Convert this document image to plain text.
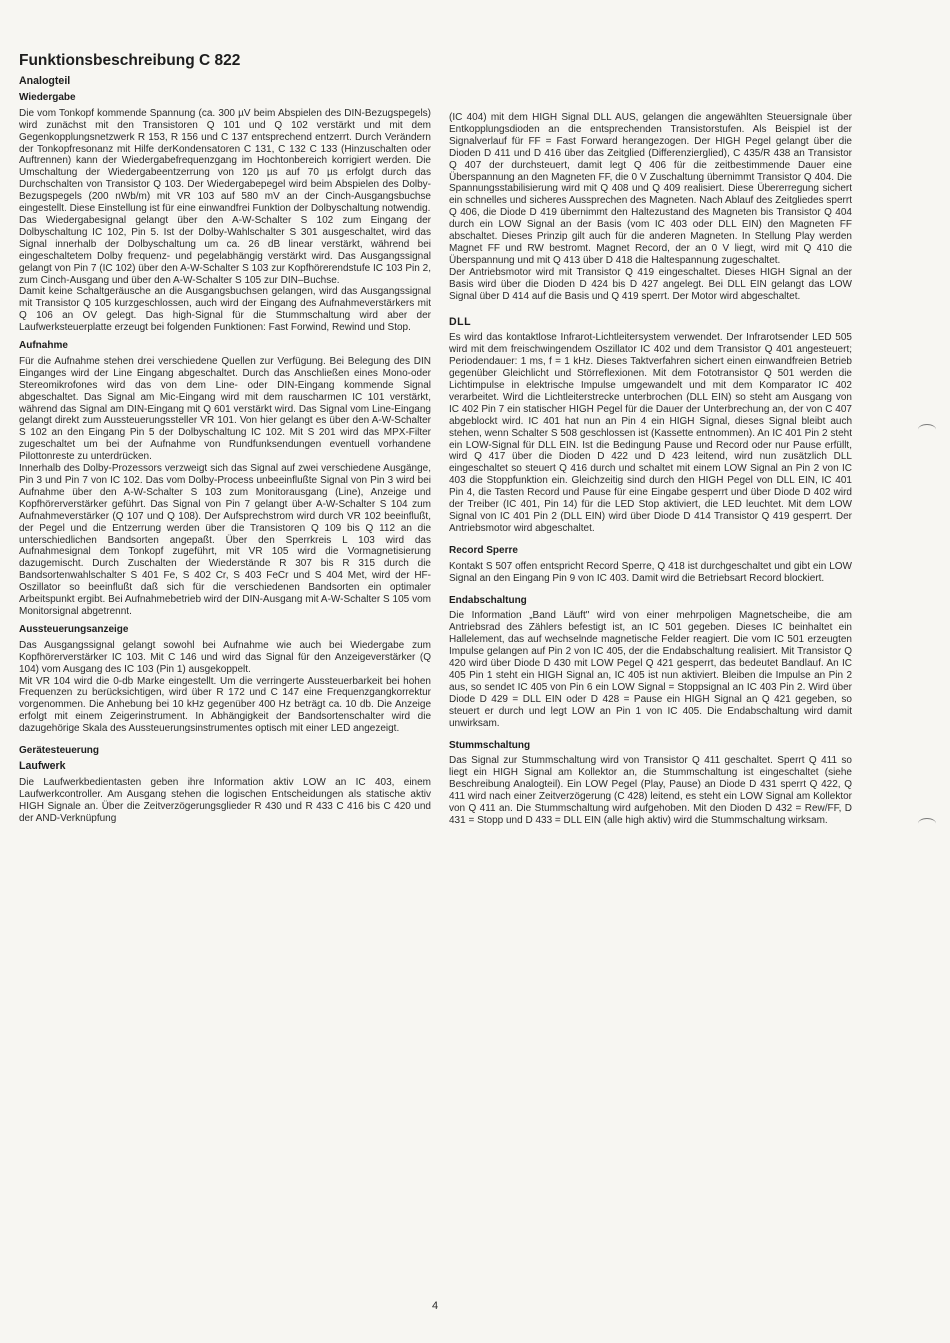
Funktionsbeschreibung C 822
Analogteil
Wiedergabe

Die vom Tonkopf kommende Spannung (ca. 300 µV beim Abspielen des DIN-Bezugspegels) wird zunächst mit den Transistoren Q 101 und Q 102 verstärkt und mit dem Gegenkopplungsnetzwerk R 153, R 156 und C 137 entsprechend entzerrt. Durch Verändern der Tonkopfresonanz mit Hilfe derKondensatoren C 131, C 132 C 133 (Hinzuschalten oder Auftrennen) kann der Wiedergabefrequenzgang im Hochtonbereich korrigiert werden. Die Umschaltung der Wiedergabeentzerrung von 120 µs auf 70 µs erfolgt durch das Durchschalten von Transistor Q 103. Der Wiedergabepegel wird beim Abspielen des Dolby-Bezugspegels (200 nWb/m) mit VR 103 auf 580 mV an der Cinch-Ausgangsbuchse eingestellt. Diese Einstellung ist für eine einwandfrei Funktion der Dolbyschaltung notwendig.

Das Wiedergabesignal gelangt über den A-W-Schalter S 102 zum Eingang der Dolbyschaltung IC 102, Pin 5. Ist der Dolby-Wahlschalter S 301 ausgeschaltet, wird das Signal innerhalb der Dolbyschaltung um ca. 26 dB linear verstärkt, während bei eingeschaltetem Dolby frequenz- und pegelabhängig verstärkt wird. Das Ausgangssignal gelangt von Pin 7 (IC 102) über den A-W-Schalter S 103 zur Kopfhörerendstufe IC 103 Pin 2, zum Cinch-Ausgang und über den A-W-Schalter S 105 zur DIN–Buchse.

Damit keine Schaltgeräusche an die Ausgangsbuchsen gelangen, wird das Ausgangssignal mit Transistor Q 105 kurzgeschlossen, auch wird der Eingang des Aufnahmeverstärkers mit Q 106 an OV gelegt. Das high-Signal für die Stummschaltung wird aber der Laufwerksteuerplatte erzeugt bei folgenden Funktionen: Fast Forwind, Rewind und Stop.

Aufnahme

Für die Aufnahme stehen drei verschiedene Quellen zur Verfügung. Bei Belegung des DIN Einganges wird der Line Eingang abgeschaltet. Durch das Anschließen eines Mono-oder Stereomikrofones wird das von dem Line- oder DIN-Eingang kommende Signal abgeschaltet. Das Signal am Mic-Eingang wird mit dem rauscharmen IC 101 verstärkt, während das Signal am DIN-Eingang mit Q 601 verstärkt wird. Das Signal vom Line-Eingang gelangt direkt zum Aussteuerungssteller VR 101. Von hier gelangt es über den A-W-Schalter S 102 an den Eingang Pin 5 der Dolbyschaltung IC 102. Mit S 201 wird das MPX-Filter zugeschaltet um bei der Aufnahme von Rundfunksendungen eventuell vorhandene Pilottonreste zu unterdrücken.

Innerhalb des Dolby-Prozessors verzweigt sich das Signal auf zwei verschiedene Ausgänge, Pin 3 und Pin 7 von IC 102. Das vom Dolby-Process unbeeinflußte Signal von Pin 3 wird bei Aufnahme über den A-W-Schalter S 103 zum Monitorausgang (Line), Anzeige und Kopfhörerverstärker geführt. Das Signal von Pin 7 gelangt über A-W-Schalter S 104 zum Aufnahmeverstärker (Q 107 und Q 108). Der Aufsprechstrom wird durch VR 102 beeinflußt, der Pegel und die Entzerrung werden über die Transistoren Q 109 bis Q 112 an die unterschiedlichen Bandsorten angepaßt. Über den Sperrkreis L 103 wird das Aufnahmesignal dem Tonkopf zugeführt, mit VR 105 wird die Vormagnetisierung dazugemischt. Durch Zuschalten der Wiederstände R 307 bis R 315 durch die Bandsortenwahlschalter S 401 Fe, S 402 Cr, S 403 FeCr und S 404 Met, wird der HF-Oszillator so beeinflußt daß sich für die verschiedenen Bandsorten ein optimaler Arbeitspunkt ergibt. Bei Aufnahmebetrieb wird der DIN-Ausgang mit A-W-Schalter S 105 vom Monitorsignal abgetrennt.

Aussteuerungsanzeige

Das Ausgangssignal gelangt sowohl bei Aufnahme wie auch bei Wiedergabe zum Kopfhörerverstärker IC 103. Mit C 146 und wird das Signal für den Anzeigeverstärker (Q 104) vom Ausgang des IC 103 (Pin 1) ausgekoppelt.

Mit VR 104 wird die 0-db Marke eingestellt. Um die verringerte Aussteuerbarkeit bei hohen Frequenzen zu berücksichtigen, wird über R 172 und C 147 eine Frequenzgangkorrektur vorgenommen. Die Anhebung bei 10 kHz gegenüber 400 Hz beträgt ca. 10 db. Die Anzeige erfolgt mit einem Zeigerinstrument. In Abhängigkeit der Bandsortenschalter wird die dazugehörige Skala des Aussteuerungsinstrumentes optisch mit einer LED angezeigt.

Gerätesteuerung
Laufwerk

Die Laufwerkbedientasten geben ihre Information aktiv LOW an IC 403, einem Laufwerkcontroller. Am Ausgang stehen die logischen Entscheidungen als statische aktiv HIGH Signale an. Über die Zeitverzögerungsglieder R 430 und R 433 C 416 bis C 420 und der AND-Verknüpfung

(IC 404) mit dem HIGH Signal DLL AUS, gelangen die angewählten Steuersignale über Entkopplungsdioden an die entsprechenden Transistorstufen. Als Beispiel ist der Signalverlauf für FF = Fast Forward herangezogen. Der HIGH Pegel gelangt über die Dioden D 411 und D 416 über das Zeitglied (Differenzierglied), C 435/R 438 an Transistor Q 407 der durchsteuert, damit legt Q 406 für die zeitbestimmende Dauer eine Überspannung an den Magneten FF, die 0 V Zuschaltung übernimmt Transistor Q 404. Die Spannungsstabilisierung wird mit Q 408 und Q 409 realisiert. Diese Übererregung sichert ein schnelles und sicheres Aussprechen des Magneten. Nach Ablauf des Zeitgliedes sperrt Q 406, die Diode D 419 übernimmt den Haltezustand des Magneten bis Transistor Q 404 durch ein LOW Signal an der Basis (vom IC 403 oder DLL EIN) den Magneten FF abschaltet. Dieses Prinzip gilt auch für die anderen Magneten. In Stellung Play werden Magnet FF und RW bestromt. Magnet Record, der an 0 V liegt, wird mit Q 410 die Überspannung und mit Q 413 über D 418 die Haltespannung zugeschaltet.

Der Antriebsmotor wird mit Transistor Q 419 eingeschaltet. Dieses HIGH Signal an der Basis wird über die Dioden D 424 bis D 427 angelegt. Bei DLL EIN gelangt das LOW Signal über D 414 auf die Basis und Q 419 sperrt. Der Motor wird abgeschaltet.

DLL

Es wird das kontaktlose Infrarot-Lichtleitersystem verwendet. Der Infrarotsender LED 505 wird mit dem freischwingendem Oszillator IC 402 und dem Transistor Q 401 angesteuert; Periodendauer: 1 ms, f = 1 kHz. Dieses Taktverfahren sichert einen einwandfreien Betrieb gegenüber Gleichlicht und Störreflexionen. Mit dem Fototransistor Q 501 werden die Lichtimpulse in elektrische Impulse umgewandelt und mit dem Komparator IC 402 verarbeitet. Wird die Lichtleiterstrecke unterbrochen (DLL EIN) so steht am Ausgang von IC 402 Pin 7 ein statischer HIGH Pegel für die Dauer der Unterbrechung an, der von C 407 abgeblockt wird. IC 401 hat nun an Pin 4 ein HIGH Signal, dieses Signal bleibt auch stehen, wenn Schalter S 508 geschlossen ist (Kassette entnommen). An IC 401 Pin 2 steht ein LOW-Signal für DLL EIN. Ist die Bedingung Pause und Record oder nur Pause erfüllt, wird Q 417 über die Dioden D 422 und D 423 leitend, wird nun zusätzlich DLL eingeschaltet so steuert Q 416 durch und schaltet mit einem LOW Signal an Pin 2 von IC 403 die Stoppfunktion ein. Gleichzeitig sind durch den HIGH Pegel von DLL EIN, IC 401 Pin 4, die Tasten Record und Pause für eine Eingabe gesperrt und über Diode D 402 wird der Treiber (IC 401, Pin 14) für die LED Stop aktiviert, die LED leuchtet. Mit dem LOW Signal von IC 401 Pin 2 (DLL EIN) wird über Diode D 414 Transistor Q 419 gesperrt. Der Antriebsmotor wird abgeschaltet.

Record Sperre

Kontakt S 507 offen entspricht Record Sperre, Q 418 ist durchgeschaltet und gibt ein LOW Signal an den Eingang Pin 9 von IC 403. Damit wird die Betriebsart Record blockiert.

Endabschaltung

Die Information „Band Läuft" wird von einer mehrpoligen Magnetscheibe, die am Antriebsrad des Zählers befestigt ist, an IC 501 gegeben. Dieses IC beinhaltet ein Hallelement, das auf wechselnde magnetische Felder reagiert. Die vom IC 501 erzeugten Impulse gelangen auf Pin 2 von IC 405, der die Endabschaltung realisiert. Mit Transistor Q 420 wird über Diode D 430 mit LOW Pegel Q 421 gesperrt, das bedeutet Bandlauf. An IC 405 Pin 1 steht ein HIGH Signal an, IC 405 ist nun aktiviert. Bleiben die Impulse an Pin 2 aus, so sendet IC 405 von Pin 6 ein LOW Signal = Stoppsignal an IC 403 Pin 2. Wird über Diode D 429 = DLL EIN oder D 428 = Pause ein HIGH Signal an Q 421 gegeben, so steuert er durch und legt LOW an Pin 1 von IC 405. Die Endabschaltung wird damit unwirksam.

Stummschaltung

Das Signal zur Stummschaltung wird von Transistor Q 411 geschaltet. Sperrt Q 411 so liegt ein HIGH Signal am Kollektor an, die Stummschaltung ist eingeschaltet (siehe Beschreibung Analogteil). Ein LOW Pegel (Play, Pause) an Diode D 431 sperrt Q 422, Q 411 wird nach einer Zeitverzögerung (C 428) leitend, es steht ein LOW Signal am Kollektor von Q 411 an. Die Stummschaltung wird aufgehoben. Mit den Dioden D 432 = Rew/FF, D 431 = Stopp und D 433 = DLL EIN (alle high aktiv) wird die Stummschaltung wirksam.

4
